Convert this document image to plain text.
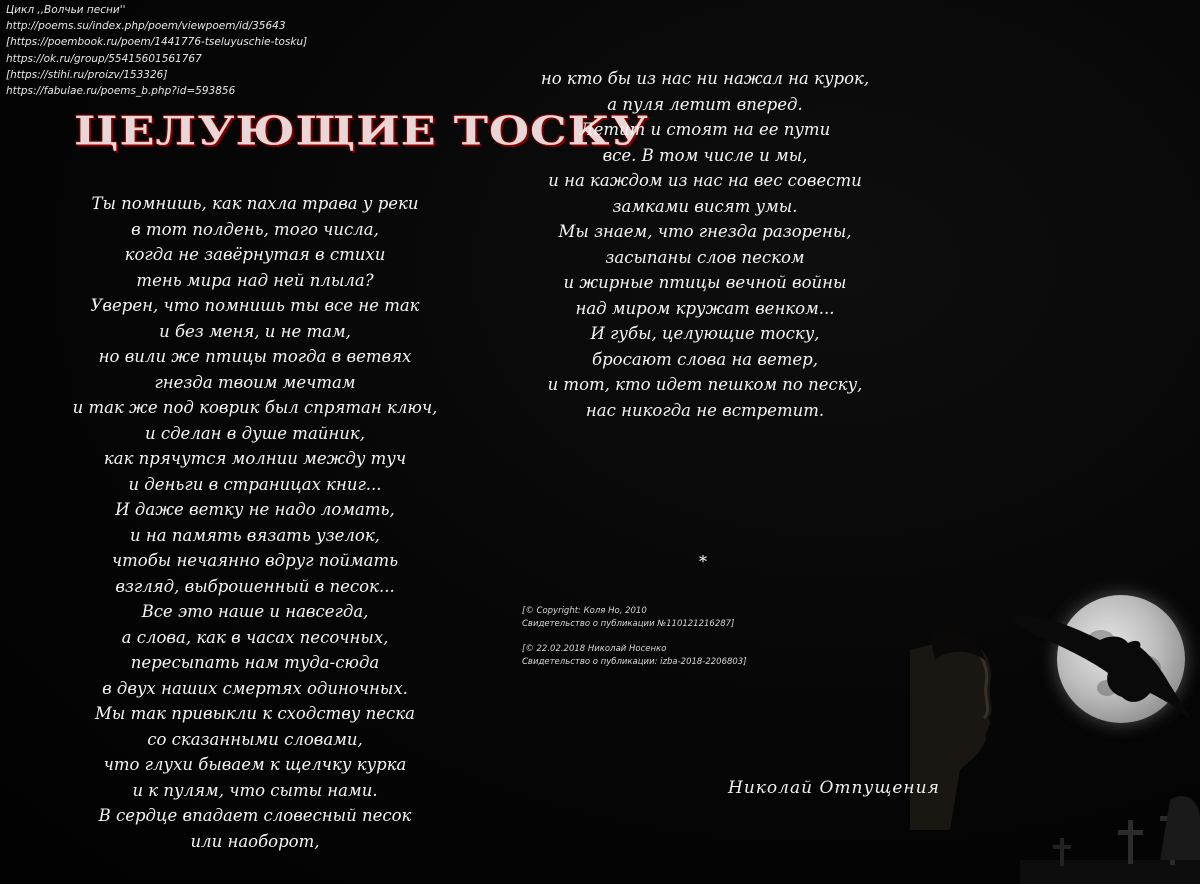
Цикл ,,Волчьи песни''
http://poems.su/index.php/poem/viewpoem/id/35643
[https://poembook.ru/poem/1441776-tseluyuschie-tosku]
https://ok.ru/group/55415601561767
[https://stihi.ru/proizv/153326]
https://fabulae.ru/poems_b.php?id=593856
ЦЕЛУЮЩИЕ ТОСКУ
Ты помнишь, как пахла трава у реки
в тот полдень, того числа,
когда не завёрнутая в стихи
тень мира над ней плыла?
Уверен, что помнишь ты все не так
и без меня, и не там,
но вили же птицы тогда в ветвях
гнезда твоим мечтам
и так же под коврик был спрятан ключ,
и сделан в душе тайник,
как прячутся молнии между туч
и деньги в страницах книг...
И даже ветку не надо ломать,
и на память вязать узелок,
чтобы нечаянно вдруг поймать
взгляд, выброшенный в песок...
Все это наше и навсегда,
а слова, как в часах песочных,
пересыпать нам туда-сюда
в двух наших смертях одиночных.
Мы так привыкли к сходству песка
со сказанными словами,
что глухи бываем к щелчку курка
и к пулям, что сыты нами.
В сердце впадает словесный песок
или наоборот,
но кто бы из нас ни нажал на курок,
а пуля летит вперед.
Летит и стоят на ее пути
все. В том числе и мы,
и на каждом из нас на вес совести
замками висят умы.
Мы знаем, что гнезда разорены,
засыпаны слов песком
и жирные птицы вечной войны
над миром кружат венком...
И губы, целующие тоску,
бросают слова на ветер,
и тот, кто идет пешком по песку,
нас никогда не встретит.
*
[© Copyright: Коля Но, 2010
Свидетельство о публикации №110121216287]
[© 22.02.2018 Николай Носенко
Свидетельство о публикации: izba-2018-2206803]
Николай Отпущения
